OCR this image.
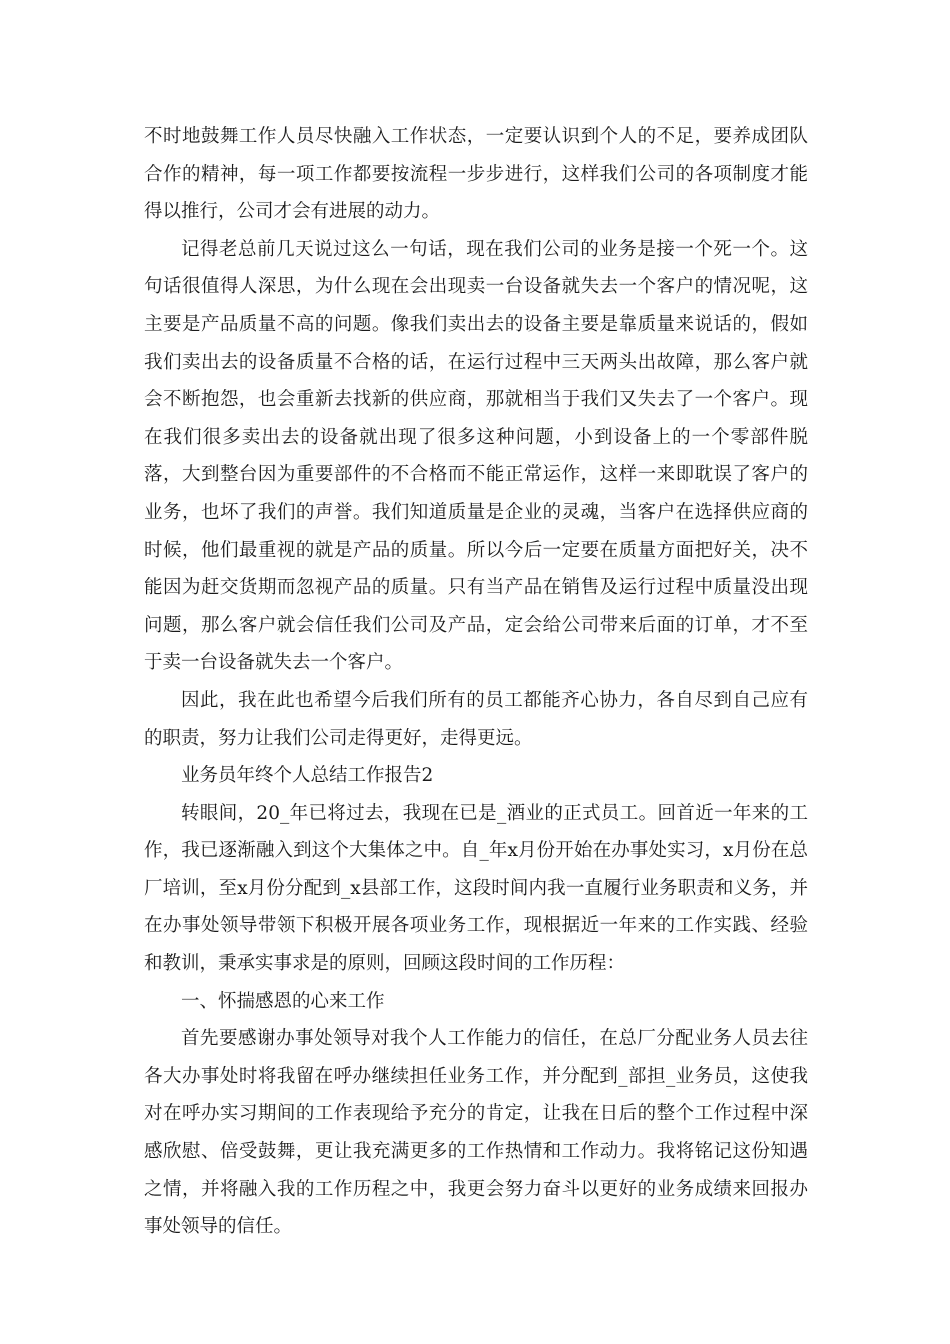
不时地鼓舞工作人员尽快融入工作状态，一定要认识到个人的不足，要养成团队合作的精神，每一项工作都要按流程一步步进行，这样我们公司的各项制度才能得以推行，公司才会有进展的动力。

记得老总前几天说过这么一句话，现在我们公司的业务是接一个死一个。这句话很值得人深思，为什么现在会出现卖一台设备就失去一个客户的情况呢，这主要是产品质量不高的问题。像我们卖出去的设备主要是靠质量来说话的，假如我们卖出去的设备质量不合格的话，在运行过程中三天两头出故障，那么客户就会不断抱怨，也会重新去找新的供应商，那就相当于我们又失去了一个客户。现在我们很多卖出去的设备就出现了很多这种问题，小到设备上的一个零部件脱落，大到整台因为重要部件的不合格而不能正常运作，这样一来即耽误了客户的业务，也坏了我们的声誉。我们知道质量是企业的灵魂，当客户在选择供应商的时候，他们最重视的就是产品的质量。所以今后一定要在质量方面把好关，决不能因为赶交货期而忽视产品的质量。只有当产品在销售及运行过程中质量没出现问题，那么客户就会信任我们公司及产品，定会给公司带来后面的订单，才不至于卖一台设备就失去一个客户。

因此，我在此也希望今后我们所有的员工都能齐心协力，各自尽到自己应有的职责，努力让我们公司走得更好，走得更远。

业务员年终个人总结工作报告2

转眼间，20_年已将过去，我现在已是_酒业的正式员工。回首近一年来的工作，我已逐渐融入到这个大集体之中。自_年x月份开始在办事处实习，x月份在总厂培训，至x月份分配到_x县部工作，这段时间内我一直履行业务职责和义务，并在办事处领导带领下积极开展各项业务工作，现根据近一年来的工作实践、经验和教训，秉承实事求是的原则，回顾这段时间的工作历程：

一、怀揣感恩的心来工作

首先要感谢办事处领导对我个人工作能力的信任，在总厂分配业务人员去往各大办事处时将我留在呼办继续担任业务工作，并分配到_部担_业务员，这使我对在呼办实习期间的工作表现给予充分的肯定，让我在日后的整个工作过程中深感欣慰、倍受鼓舞，更让我充满更多的工作热情和工作动力。我将铭记这份知遇之情，并将融入我的工作历程之中，我更会努力奋斗以更好的业务成绩来回报办事处领导的信任。
